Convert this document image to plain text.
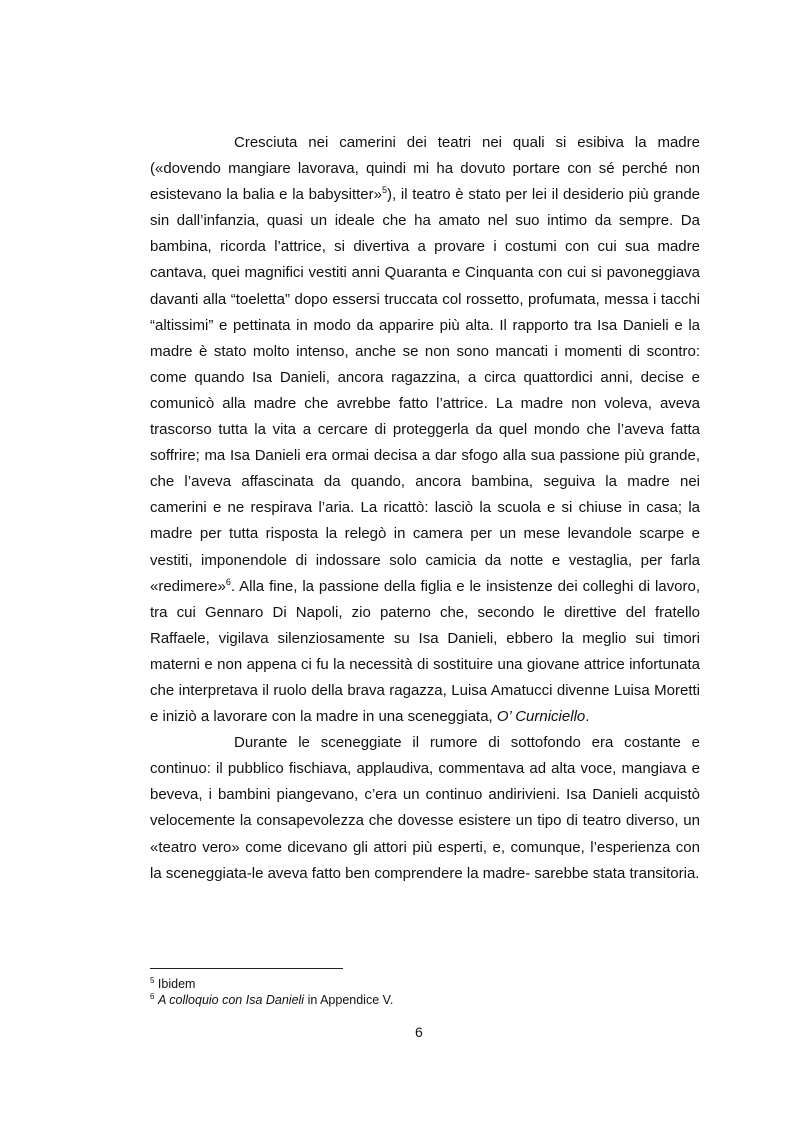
Cresciuta nei camerini dei teatri nei quali si esibiva la madre («dovendo mangiare lavorava, quindi mi ha dovuto portare con sé perché non esistevano la balia e la babysitter»$^5$), il teatro è stato per lei il desiderio più grande sin dall’infanzia, quasi un ideale che ha amato nel suo intimo da sempre. Da bambina, ricorda l’attrice, si divertiva a provare i costumi con cui sua madre cantava, quei magnifici vestiti anni Quaranta e Cinquanta con cui si pavoneggiava davanti alla “toeletta” dopo essersi truccata col rossetto, profumata, messa i tacchi “altissimi” e pettinata in modo da apparire più alta. Il rapporto tra Isa Danieli e la madre è stato molto intenso, anche se non sono mancati i momenti di scontro: come quando Isa Danieli, ancora ragazzina, a circa quattordici anni, decise e comunicò alla madre che avrebbe fatto l’attrice. La madre non voleva, aveva trascorso tutta la vita a cercare di proteggerla da quel mondo che l’aveva fatta soffrire; ma Isa Danieli era ormai decisa a dar sfogo alla sua passione più grande, che l’aveva affascinata da quando, ancora bambina, seguiva la madre nei camerini e ne respirava l’aria. La ricattò: lasciò la scuola e si chiuse in casa; la madre per tutta risposta la relegò in camera per un mese levandole scarpe e vestiti, imponendole di indossare solo camicia da notte e vestaglia, per farla «redimere»$^6$. Alla fine, la passione della figlia e le insistenze dei colleghi di lavoro, tra cui Gennaro Di Napoli, zio paterno che, secondo le direttive del fratello Raffaele, vigilava silenziosamente su Isa Danieli, ebbero la meglio sui timori materni e non appena ci fu la necessità di sostituire una giovane attrice infortunata che interpretava il ruolo della brava ragazza, Luisa Amatucci divenne Luisa Moretti e iniziò a lavorare con la madre in una sceneggiata, O’ Curniciello.

Durante le sceneggiate il rumore di sottofondo era costante e continuo: il pubblico fischiava, applaudiva, commentava ad alta voce, mangiava e beveva, i bambini piangevano, c’era un continuo andirivieni. Isa Danieli acquistò velocemente la consapevolezza che dovesse esistere un tipo di teatro diverso, un «teatro vero» come dicevano gli attori più esperti, e, comunque, l’esperienza con la sceneggiata-le aveva fatto ben comprendere la madre- sarebbe stata transitoria.

$^5$ Ibidem
$^6$ A colloquio con Isa Danieli in Appendice V.
6
